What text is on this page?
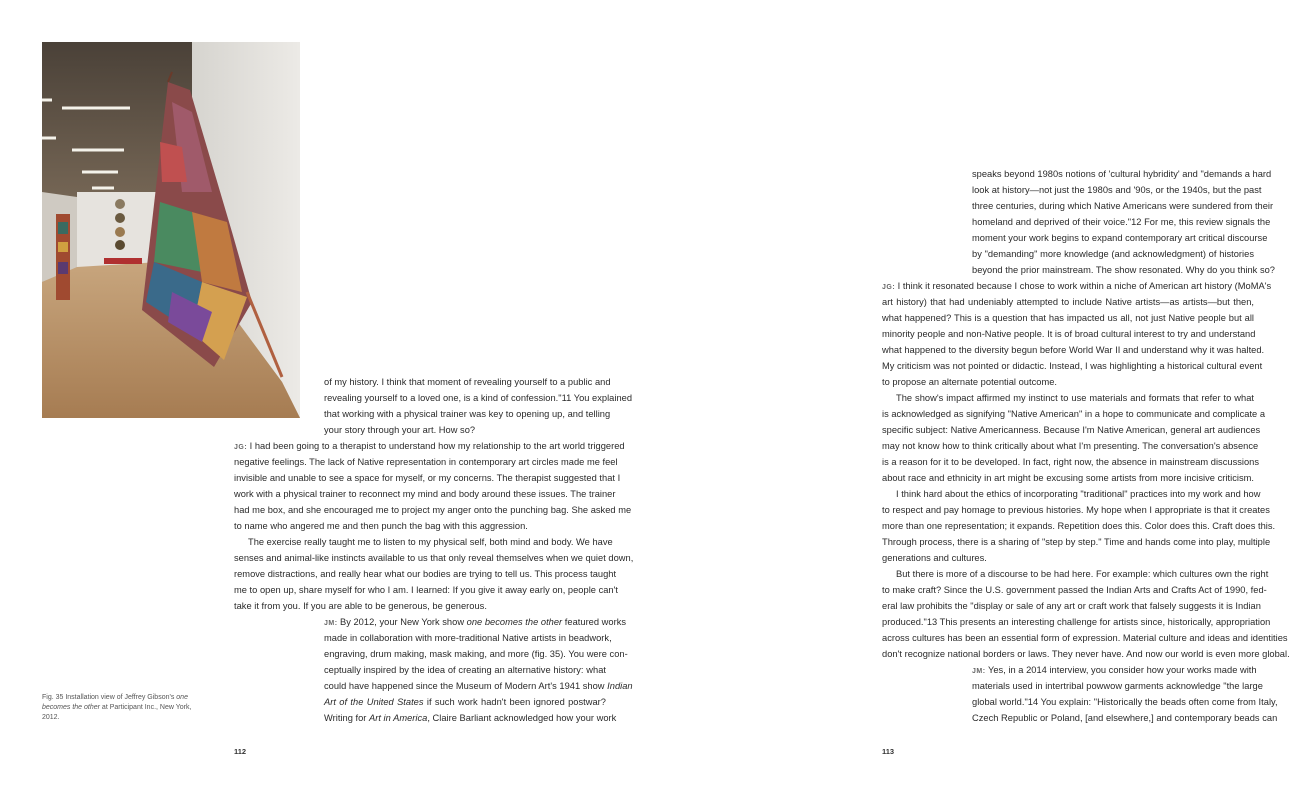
Fig. 35 Installation view of Jeffrey Gibson's one becomes the other at Participant Inc., New York, 2012.
of my history. I think that moment of revealing yourself to a public and
revealing yourself to a loved one, is a kind of confession."11 You explained
that working with a physical trainer was key to opening up, and telling
your story through your art. How so?
JG: I had been going to a therapist to understand how my relationship to the art world triggered
negative feelings. The lack of Native representation in contemporary art circles made me feel
invisible and unable to see a space for myself, or my concerns. The therapist suggested that I
work with a physical trainer to reconnect my mind and body around these issues. The trainer
had me box, and she encouraged me to project my anger onto the punching bag. She asked me
to name who angered me and then punch the bag with this aggression.
The exercise really taught me to listen to my physical self, both mind and body. We have
senses and animal-like instincts available to us that only reveal themselves when we quiet down,
remove distractions, and really hear what our bodies are trying to tell us. This process taught
me to open up, share myself for who I am. I learned: If you give it away early on, people can't
take it from you. If you are able to be generous, be generous.
JM: By 2012, your New York show one becomes the other featured works
made in collaboration with more-traditional Native artists in beadwork,
engraving, drum making, mask making, and more (fig. 35). You were con-
ceptually inspired by the idea of creating an alternative history: what
could have happened since the Museum of Modern Art's 1941 show Indian
Art of the United States if such work hadn't been ignored postwar?
Writing for Art in America, Claire Barliant acknowledged how your work
112
speaks beyond 1980s notions of 'cultural hybridity' and "demands a hard
look at history—not just the 1980s and '90s, or the 1940s, but the past
three centuries, during which Native Americans were sundered from their
homeland and deprived of their voice."12 For me, this review signals the
moment your work begins to expand contemporary art critical discourse
by "demanding" more knowledge (and acknowledgment) of histories
beyond the prior mainstream. The show resonated. Why do you think so?
JG: I think it resonated because I chose to work within a niche of American art history (MoMA's
art history) that had undeniably attempted to include Native artists—as artists—but then,
what happened? This is a question that has impacted us all, not just Native people but all
minority people and non-Native people. It is of broad cultural interest to try and understand
what happened to the diversity begun before World War II and understand why it was halted.
My criticism was not pointed or didactic. Instead, I was highlighting a historical cultural event
to propose an alternate potential outcome.
The show's impact affirmed my instinct to use materials and formats that refer to what
is acknowledged as signifying "Native American" in a hope to communicate and complicate a
specific subject: Native Americanness. Because I'm Native American, general art audiences
may not know how to think critically about what I'm presenting. The conversation's absence
is a reason for it to be developed. In fact, right now, the absence in mainstream discussions
about race and ethnicity in art might be excusing some artists from more incisive criticism.
I think hard about the ethics of incorporating "traditional" practices into my work and how
to respect and pay homage to previous histories. My hope when I appropriate is that it creates
more than one representation; it expands. Repetition does this. Color does this. Craft does this.
Through process, there is a sharing of "step by step." Time and hands come into play, multiple
generations and cultures.
But there is more of a discourse to be had here. For example: which cultures own the right
to make craft? Since the U.S. government passed the Indian Arts and Crafts Act of 1990, fed-
eral law prohibits the "display or sale of any art or craft work that falsely suggests it is Indian
produced."13 This presents an interesting challenge for artists since, historically, appropriation
across cultures has been an essential form of expression. Material culture and ideas and identities
don't recognize national borders or laws. They never have. And now our world is even more global.
JM: Yes, in a 2014 interview, you consider how your works made with
materials used in intertribal powwow garments acknowledge "the large
global world."14 You explain: "Historically the beads often come from Italy,
Czech Republic or Poland, [and elsewhere,] and contemporary beads can
113
